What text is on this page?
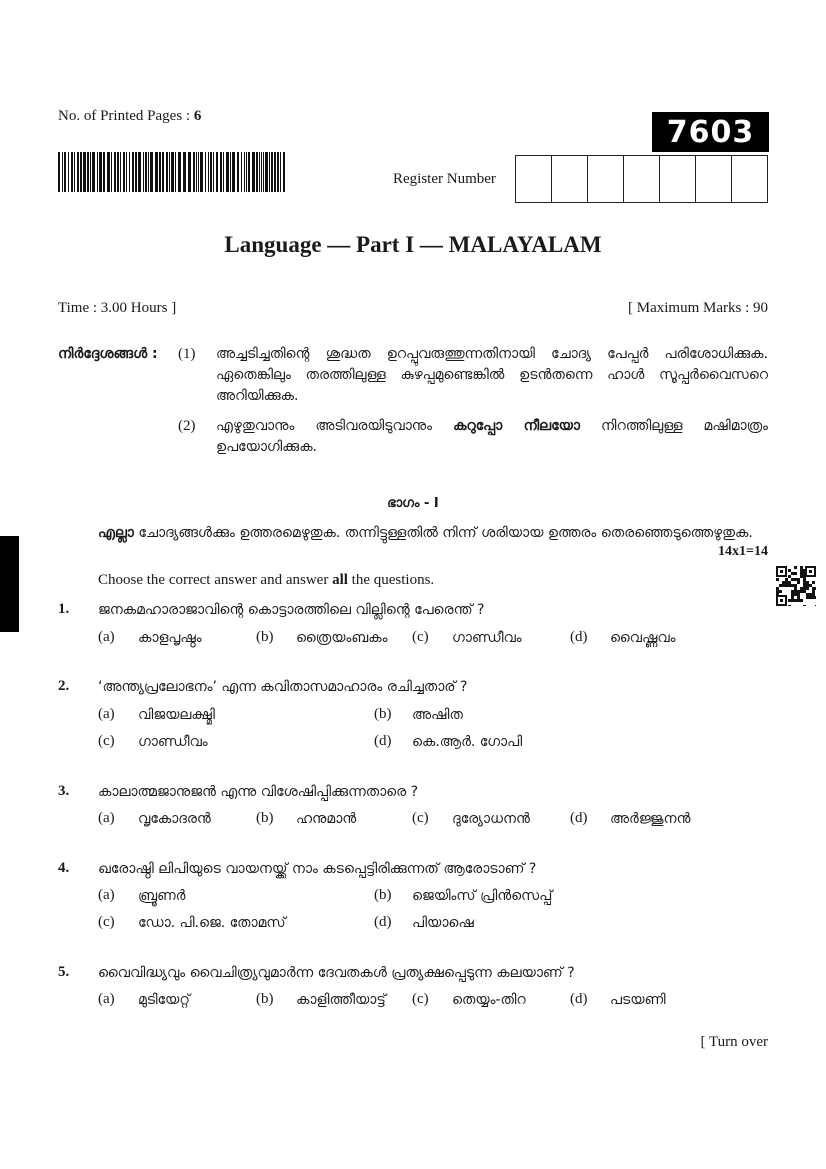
No. of Printed Pages : 6	7603
Register Number
Language — Part I — MALAYALAM
Time : 3.00 Hours ]	[ Maximum Marks : 90
നിർദ്ദേശങ്ങൾ : (1) അച്ചടിച്ചതിന്റെ ശുദ്ധത ഉറപ്പുവരുത്തുന്നതിനായി ചോദ്യ പേപ്പർ പരിശോധിക്കുക. ഏതെങ്കിലും തരത്തിലുള്ള കുഴപ്പമുണ്ടെങ്കിൽ ഉടൻതന്നെ ഹാൾ സൂപ്പർവൈസറെ അറിയിക്കുക.
(2) എഴുതുവാനും അടിവരയിടുവാനും കറുപ്പോ നീലയോ നിറത്തിലുള്ള മഷിമാത്രം ഉപയോഗിക്കുക.
ഭാഗം - I
എല്ലാ ചോദ്യങ്ങൾക്കും ഉത്തരമെഴുതുക. തന്നിട്ടുള്ളതിൽ നിന്ന് ശരിയായ ഉത്തരം തെരഞ്ഞെടുത്തെഴുതുക.
14x1=14
Choose the correct answer and answer all the questions.
1. ജനകമഹാരാജാവിന്റെ കൊട്ടാരത്തിലെ വില്ലിന്റെ പേരെന്ത് ?
(a) കാളപൃഷ്ഠം	(b) ത്രൈയംബകം (c) ഗാണ്ഡീവം	(d) വൈഷ്ണവം
2. ‘അന്ത്യപ്രലോഭനം’ എന്ന കവിതാസമാഹാരം രചിച്ചതാര് ?
(a) വിജയലക്ഷ്മി	(b) അഷിത
(c) ഗാണ്ഡീവം	(d) കെ.ആർ. ഗോപി
3. കാലാത്മജാനുജൻ എന്നു വിശേഷിപ്പിക്കുന്നതാരെ ?
(a) വൃകോദരൻ	(b) ഹനുമാൻ	(c) ദുര്യോധനൻ	(d) അർജ്ജുനൻ
4. ഖരോഷ്ഠി ലിപിയുടെ വായനയ്ക്ക് നാം കടപ്പെട്ടിരിക്കുന്നത് ആരോടാണ് ?
(a) ബ്രൂണർ	(b) ജെയിംസ് പ്രിൻസെപ്പ്
(c) ഡോ. പി.ജെ. തോമസ്	(d) പിയാഷെ
5. വൈവിദ്ധ്യവും വൈചിത്ര്യവുമാർന്ന ദേവതകൾ പ്രത്യക്ഷപ്പെടുന്ന കലയാണ് ?
(a) മുടിയേറ്റ്	(b) കാളിത്തീയാട്ട് (c) തെയ്യം-തിറ	(d) പടയണി
[ Turn over
